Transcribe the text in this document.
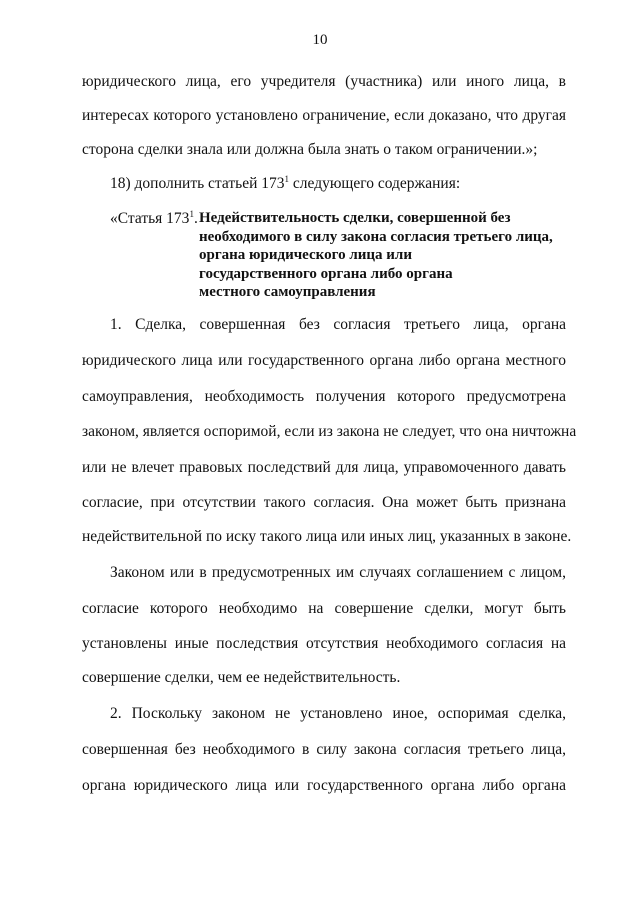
10
юридического лица, его учредителя (участника) или иного лица, в
интересах которого установлено ограничение, если доказано, что другая
сторона сделки знала или должна была знать о таком ограничении.»;
18) дополнить статьей $173^1$ следующего содержания:
«Статья $173^1$. Недействительность сделки, совершенной без
необходимого в силу закона согласия третьего лица,
органа юридического лица или
государственного органа либо органа
местного самоуправления
1. Сделка, совершенная без согласия третьего лица, органа
юридического лица или государственного органа либо органа местного
самоуправления, необходимость получения которого предусмотрена
законом, является оспоримой, если из закона не следует, что она ничтожна
или не влечет правовых последствий для лица, управомоченного давать
согласие, при отсутствии такого согласия. Она может быть признана
недействительной по иску такого лица или иных лиц, указанных в законе.
Законом или в предусмотренных им случаях соглашением с лицом,
согласие которого необходимо на совершение сделки, могут быть
установлены иные последствия отсутствия необходимого согласия на
совершение сделки, чем ее недействительность.
2. Поскольку законом не установлено иное, оспоримая сделка,
совершенная без необходимого в силу закона согласия третьего лица,
органа юридического лица или государственного органа либо органа
